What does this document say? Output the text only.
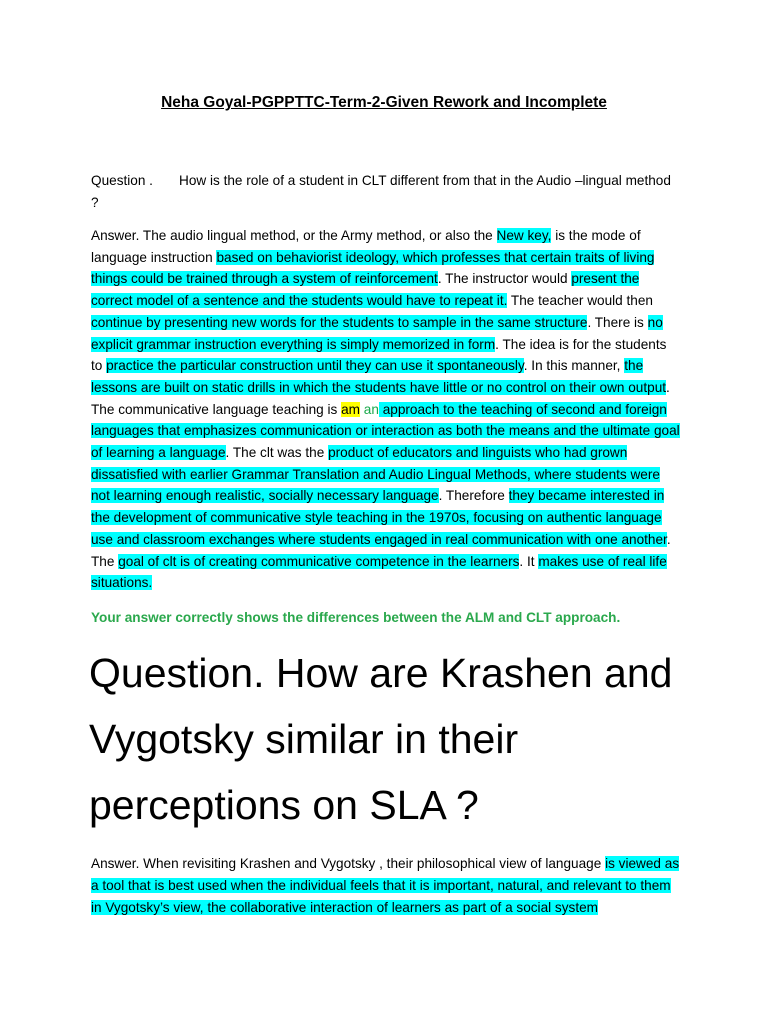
Neha Goyal-PGPPTTC-Term-2-Given Rework and Incomplete
Question . How is the role of a student in CLT different from that in the Audio –lingual method ?
Answer. The audio lingual method, or the Army method, or also the New key, is the mode of language instruction based on behaviorist ideology, which professes that certain traits of living things could be trained through a system of reinforcement. The instructor would present the correct model of a sentence and the students would have to repeat it. The teacher would then continue by presenting new words for the students to sample in the same structure. There is no explicit grammar instruction everything is simply memorized in form. The idea is for the students to practice the particular construction until they can use it spontaneously. In this manner, the lessons are built on static drills in which the students have little or no control on their own output. The communicative language teaching is am an approach to the teaching of second and foreign languages that emphasizes communication or interaction as both the means and the ultimate goal of learning a language. The clt was the product of educators and linguists who had grown dissatisfied with earlier Grammar Translation and Audio Lingual Methods, where students were not learning enough realistic, socially necessary language. Therefore they became interested in the development of communicative style teaching in the 1970s, focusing on authentic language use and classroom exchanges where students engaged in real communication with one another. The goal of clt is of creating communicative competence in the learners. It makes use of real life situations.
Your answer correctly shows the differences between the ALM and CLT approach.
Question. How are Krashen and Vygotsky similar in their perceptions on SLA ?
Answer. When revisiting Krashen and Vygotsky , their philosophical view of language is viewed as a tool that is best used when the individual feels that it is important, natural, and relevant to them in Vygotsky’s view, the collaborative interaction of learners as part of a social system
